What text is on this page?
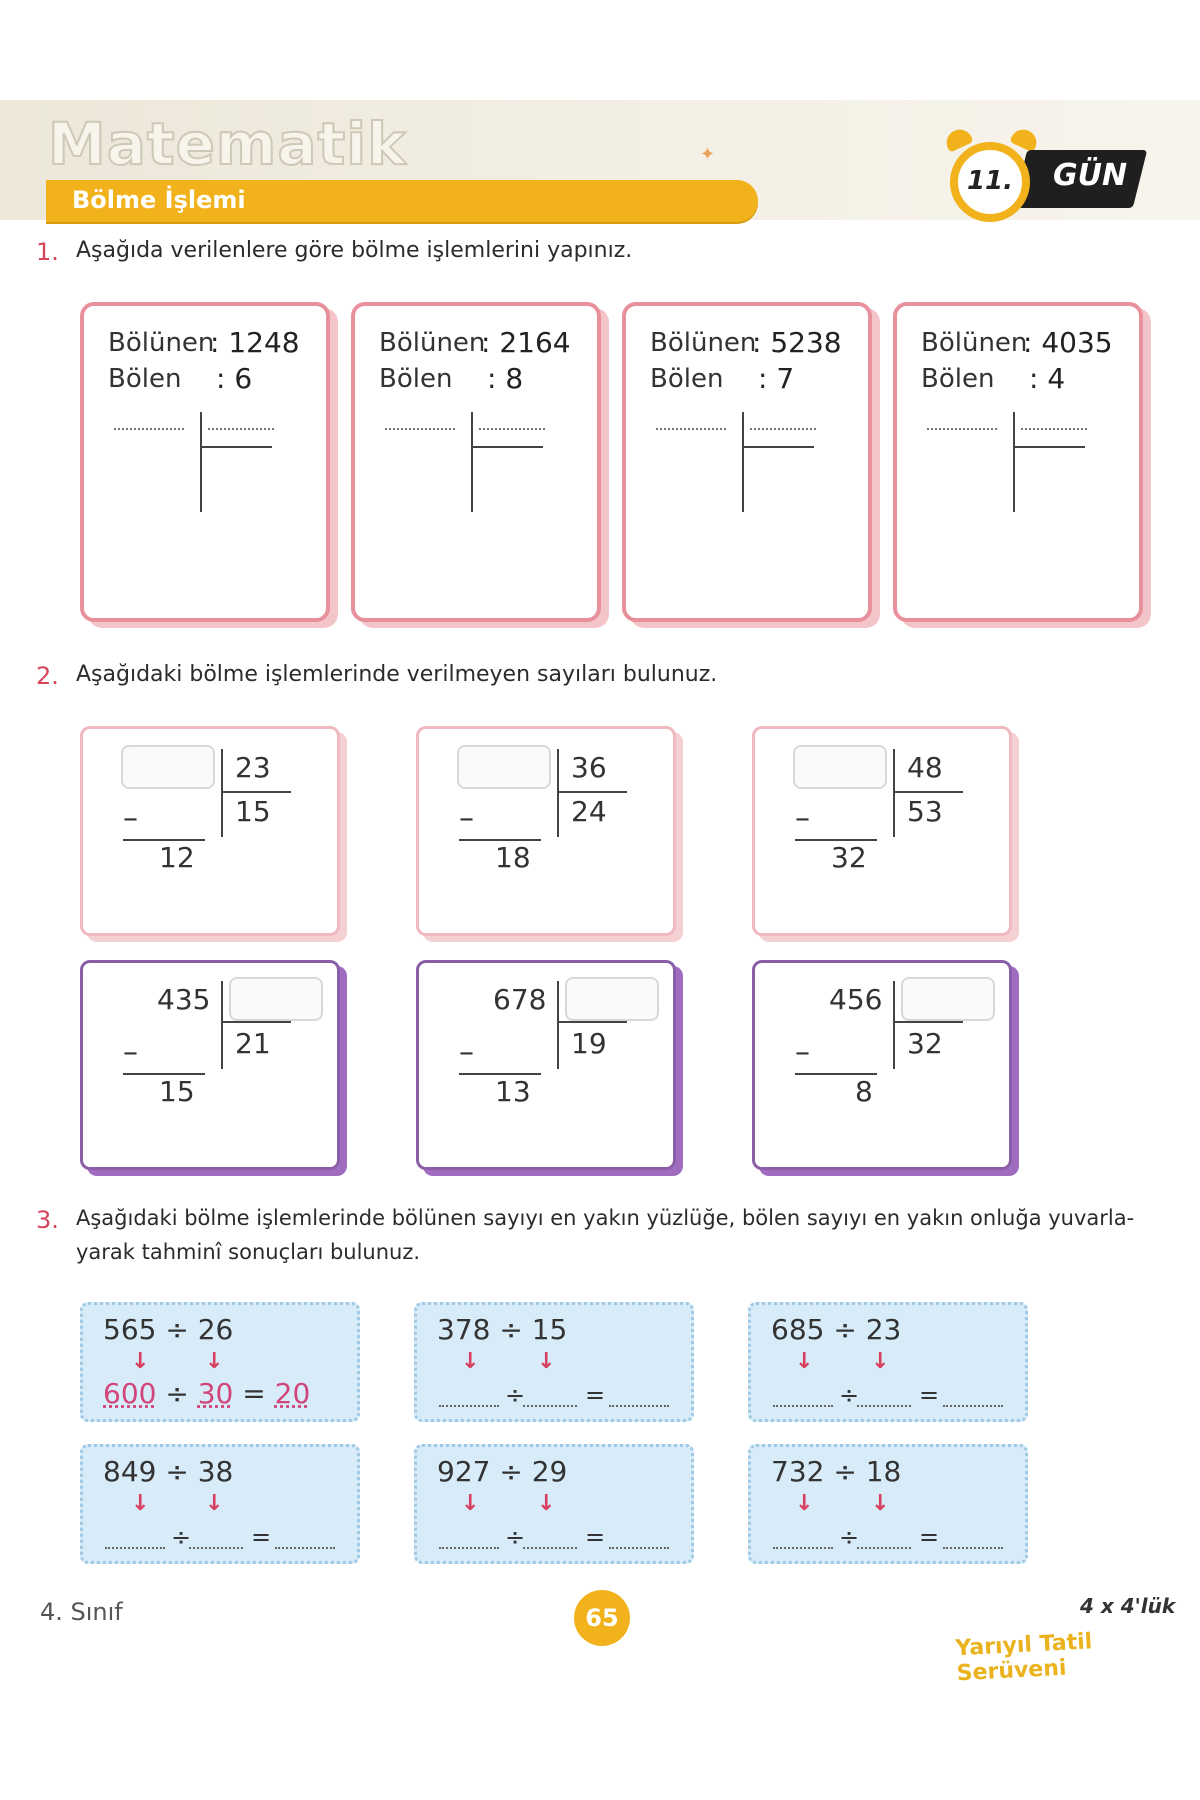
Matematik	✦
Bölme İşlemi
11.	GÜN
1. Aşağıda verilenlere göre bölme işlemlerini yapınız.
Bölünen
: 1248
Bölen : 6
Bölünen
: 2164
Bölen : 8
Bölünen
: 5238
Bölen : 7
Bölünen
: 4035
Bölen : 4
2. Aşağıdaki bölme işlemlerinde verilmeyen sayıları bulunuz.
23
15
–
12
36
24
–
18
48
53
–
32
435
21
–
15
678
19
–
13
456
32
–
8
3. Aşağıdaki bölme işlemlerinde bölünen sayıyı en yakın yüzlüğe, bölen sayıyı en yakın onluğa yuvarla-
yarak tahminî sonuçları bulunuz.
565 ÷ 26
↓	↓
600 ÷ 30 = 20
378 ÷ 15
↓	↓
÷ =
685 ÷ 23
↓	↓
÷ =
849 ÷ 38
↓	↓
÷ =
927 ÷ 29
↓	↓
÷ =
732 ÷ 18
↓	↓
÷ =
4. Sınıf	65	4 x 4'lük
Yarıyıl Tatil Serüveni
